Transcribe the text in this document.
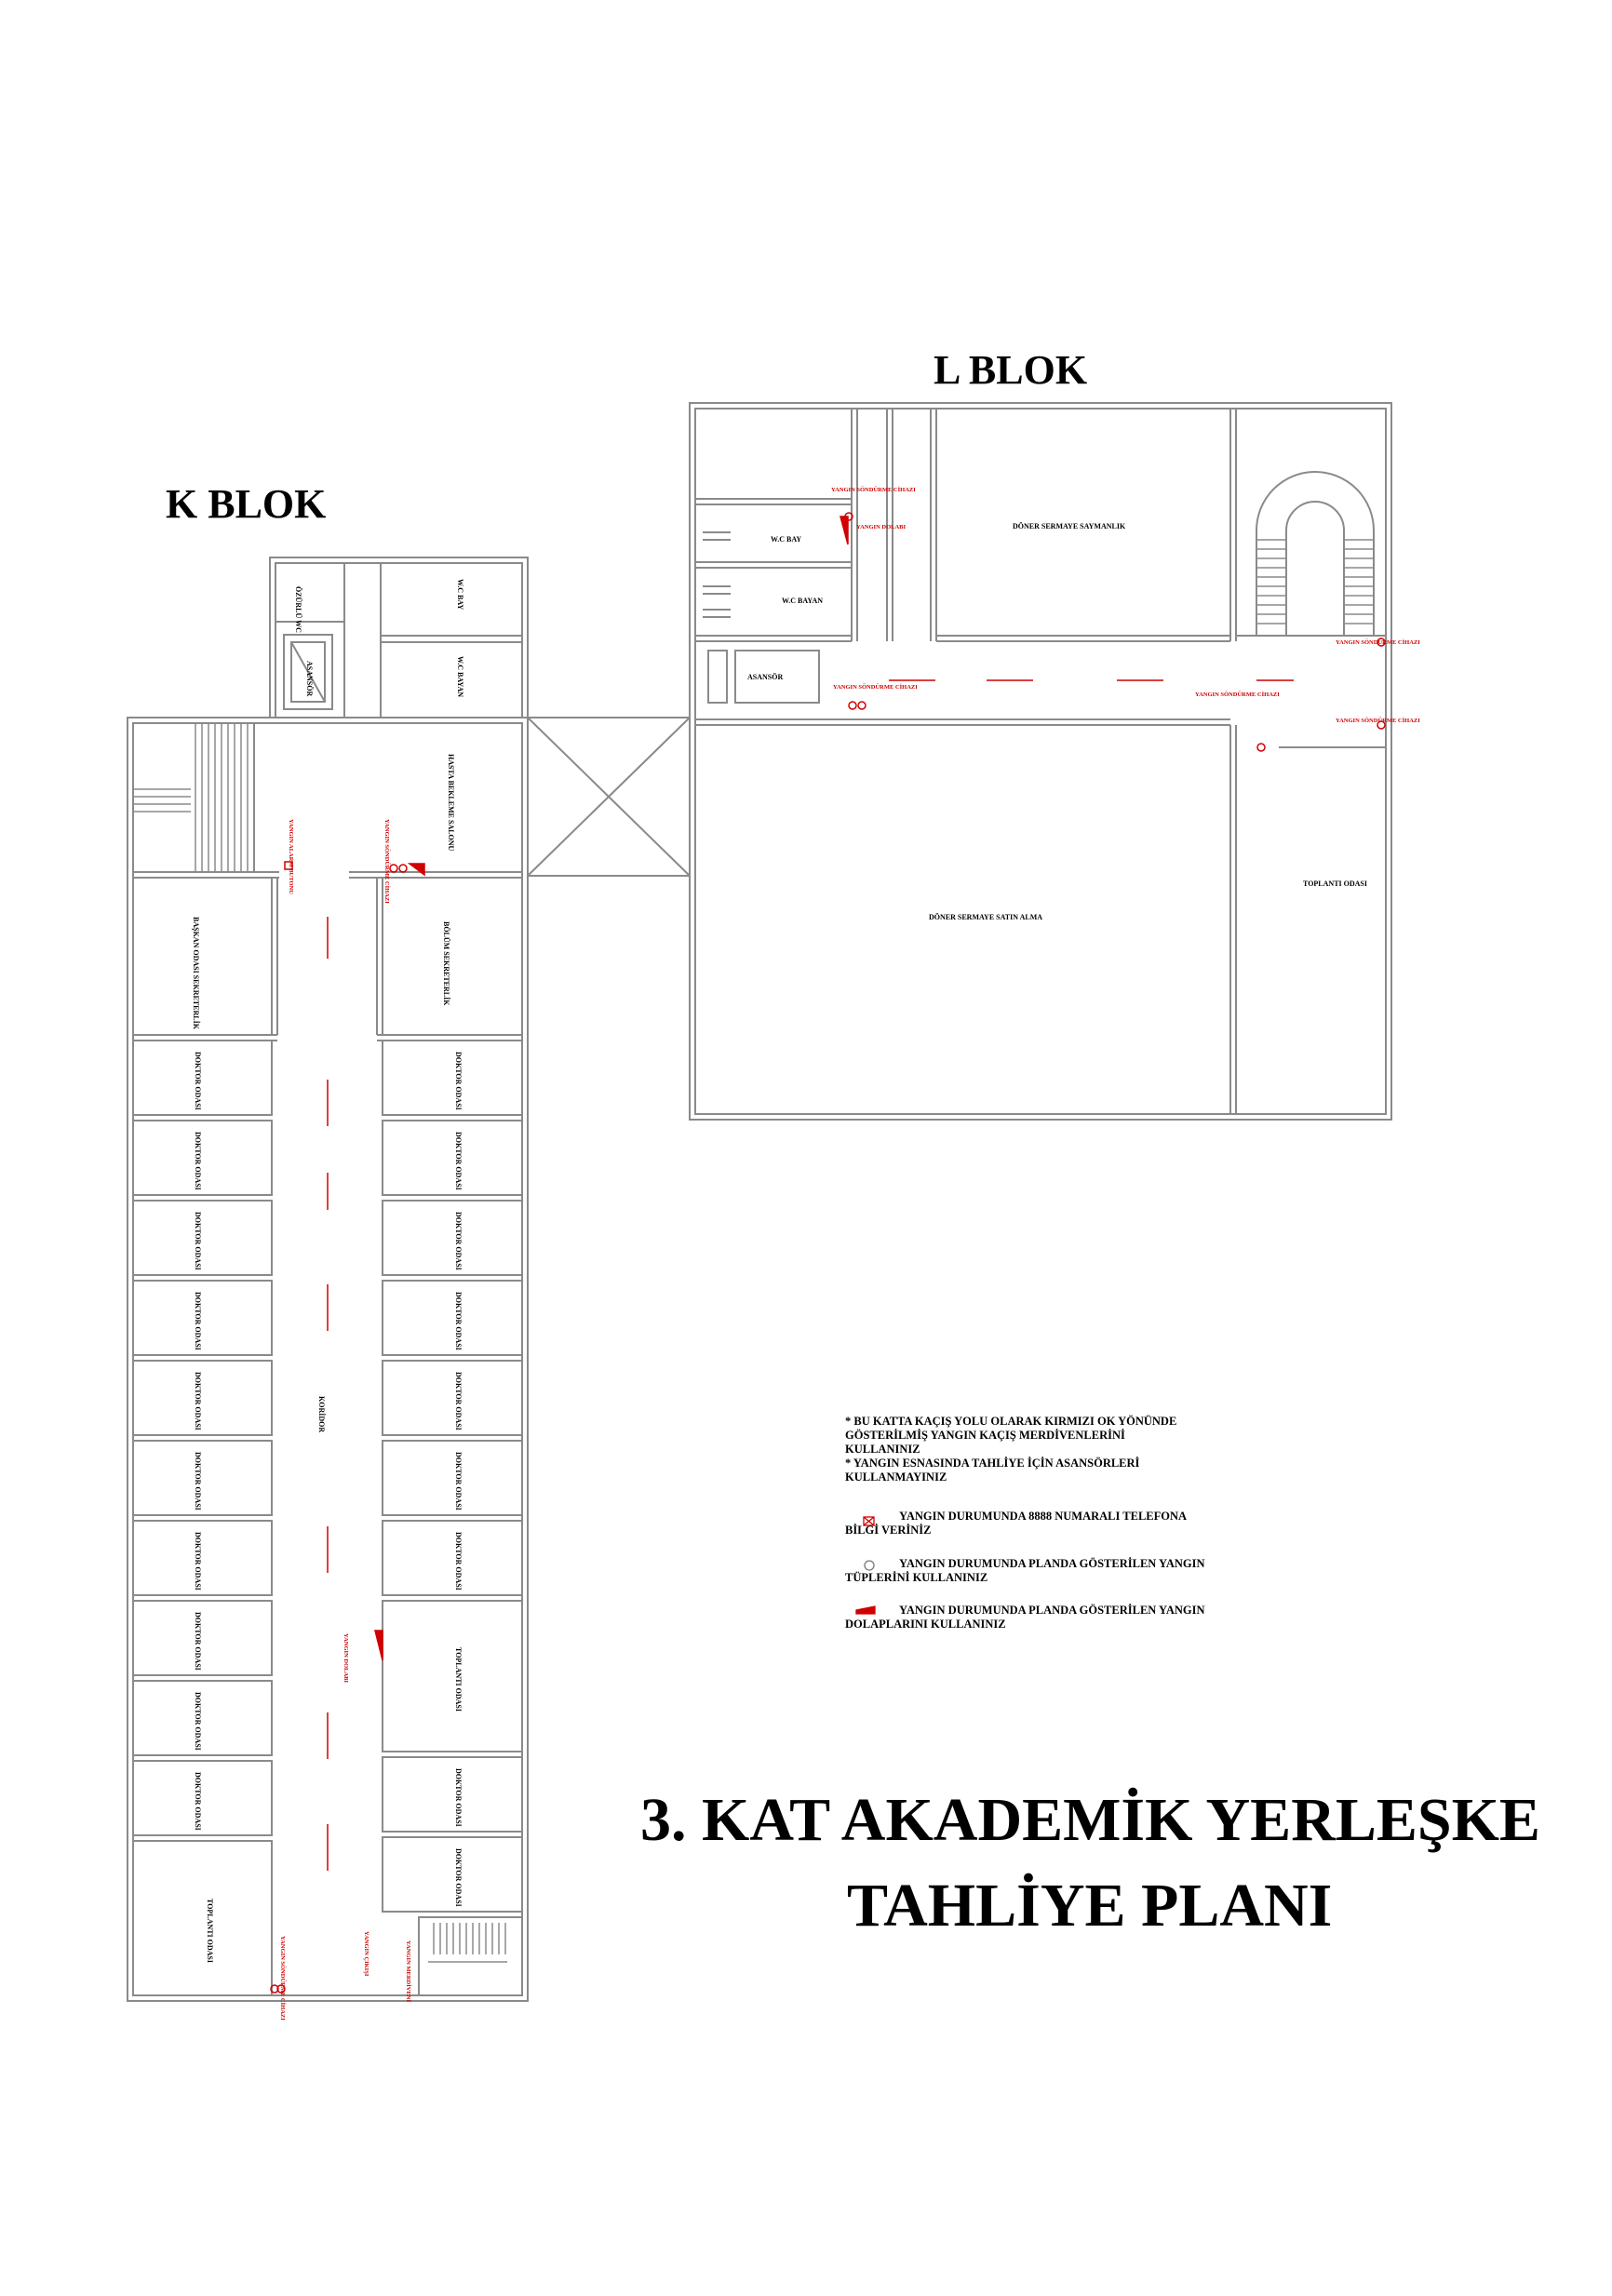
L BLOK
K BLOK
3. KAT AKADEMİK YERLEŞKE
TAHLİYE PLANI
ÖZÜRLÜ WC	W.C BAY
W.C BAYAN
ASANSÖR
HASTA BEKLEME SALONU
BÖLÜM SEKRETERLİK
BAŞKAN ODASI SEKRETERLİK
KORİDOR
TOPLANTI ODASI
TOPLANTI ODASI
DOKTOR ODASI
DOKTOR ODASI
DOKTOR ODASI
DOKTOR ODASI
DOKTOR ODASI
DOKTOR ODASI
DOKTOR ODASI
DOKTOR ODASI
DOKTOR ODASI
DOKTOR ODASI
DOKTOR ODASI
DOKTOR ODASI
DOKTOR ODASI
DOKTOR ODASI
DOKTOR ODASI
DOKTOR ODASI
DOKTOR ODASI
DOKTOR ODASI
DOKTOR ODASI
YANGIN ALARM BUTONU	YANGIN SÖNDÜRME CİHAZI
YANGIN SÖNDÜRME CİHAZI
YANGIN DOLABI
YANGIN ÇIKIŞI	YANGIN MERDİVENİ
DÖNER SERMAYE SAYMANLIK
DÖNER SERMAYE SATIN ALMA
TOPLANTI ODASI
W.C BAY
W.C BAYAN
ASANSÖR
YANGIN SÖNDÜRME CİHAZI
YANGIN DOLABI
YANGIN SÖNDÜRME CİHAZI
YANGIN SÖNDÜRME CİHAZI
YANGIN SÖNDÜRME CİHAZI
YANGIN SÖNDÜRME CİHAZI
* BU KATTA KAÇIŞ YOLU OLARAK KIRMIZI OK YÖNÜNDE GÖSTERİLMİŞ YANGIN KAÇIŞ MERDİVENLERİNİ KULLANINIZ
* YANGIN ESNASINDA TAHLİYE İÇİN ASANSÖRLERİ KULLANMAYINIZ
YANGIN DURUMUNDA 8888 NUMARALI TELEFONA BİLGİ VERİNİZ
YANGIN DURUMUNDA PLANDA GÖSTERİLEN YANGIN TÜPLERİNİ KULLANINIZ
YANGIN DURUMUNDA PLANDA GÖSTERİLEN YANGIN DOLAPLARINI KULLANINIZ
